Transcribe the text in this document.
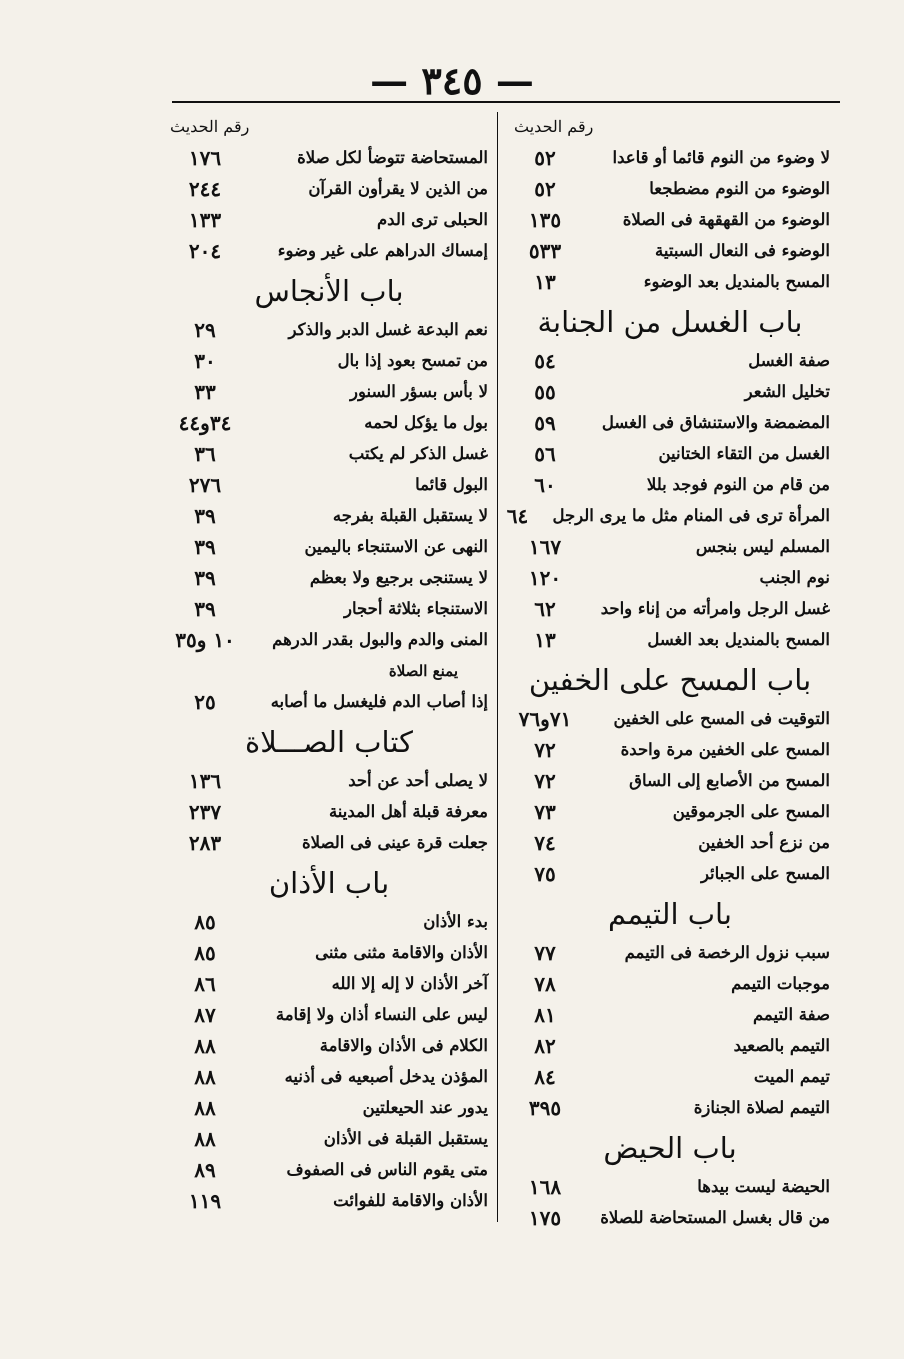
— ٣٤٥ —
رقم الحديث
لا وضوء من النوم قائما أو قاعدا
٥٢
الوضوء من النوم مضطجعا
٥٢
الوضوء من القهقهة فى الصلاة
١٣٥
الوضوء فى النعال السبتية
٥٣٣
المسح بالمنديل بعد الوضوء
١٣
باب الغسل من الجنابة
صفة الغسل
٥٤
تخليل الشعر
٥٥
المضمضة والاستنشاق فى الغسل
٥٩
الغسل من التقاء الختانين
٥٦
من قام من النوم فوجد بللا
٦٠
المرأة ترى فى المنام مثل ما يرى الرجل
٦٤
المسلم ليس بنجس
١٦٧
نوم الجنب
١٢٠
غسل الرجل وامرأته من إناء واحد
٦٢
المسح بالمنديل بعد الغسل
١٣
باب المسح على الخفين
التوقيت فى المسح على الخفين
٧١و٧٦
المسح على الخفين مرة واحدة
٧٢
المسح من الأصابع إلى الساق
٧٢
المسح على الجرموقين
٧٣
من نزع أحد الخفين
٧٤
المسح على الجبائر
٧٥
باب التيمم
سبب نزول الرخصة فى التيمم
٧٧
موجبات التيمم
٧٨
صفة التيمم
٨١
التيمم بالصعيد
٨٢
تيمم الميت
٨٤
التيمم لصلاة الجنازة
٣٩٥
باب الحيض
الحيضة ليست بيدها
١٦٨
من قال بغسل المستحاضة للصلاة
١٧٥
رقم الحديث
المستحاضة تتوضأ لكل صلاة
١٧٦
من الذين لا يقرأون القرآن
٢٤٤
الحبلى ترى الدم
١٣٣
إمساك الدراهم على غير وضوء
٢٠٤
باب الأنجاس
نعم البدعة غسل الدبر والذكر
٢٩
من تمسح بعود إذا بال
٣٠
لا بأس بسؤر السنور
٣٣
بول ما يؤكل لحمه
٣٤و٤٤
غسل الذكر لم يكتب
٣٦
البول قائما
٢٧٦
لا يستقبل القبلة بفرجه
٣٩
النهى عن الاستنجاء باليمين
٣٩
لا يستنجى برجيع ولا بعظم
٣٩
الاستنجاء بثلاثة أحجار
٣٩
المنى والدم والبول بقدر الدرهم
١٠ و٣٥
يمنع الصلاة
إذا أصاب الدم فليغسل ما أصابه
٢٥
كتاب الصـــلاة
لا يصلى أحد عن أحد
١٣٦
معرفة قبلة أهل المدينة
٢٣٧
جعلت قرة عينى فى الصلاة
٢٨٣
باب الأذان
بدء الأذان
٨٥
الأذان والاقامة مثنى مثنى
٨٥
آخر الأذان لا إله إلا الله
٨٦
ليس على النساء أذان ولا إقامة
٨٧
الكلام فى الأذان والاقامة
٨٨
المؤذن يدخل أصبعيه فى أذنيه
٨٨
يدور عند الحيعلتين
٨٨
يستقبل القبلة فى الأذان
٨٨
متى يقوم الناس فى الصفوف
٨٩
الأذان والاقامة للفوائت
١١٩
